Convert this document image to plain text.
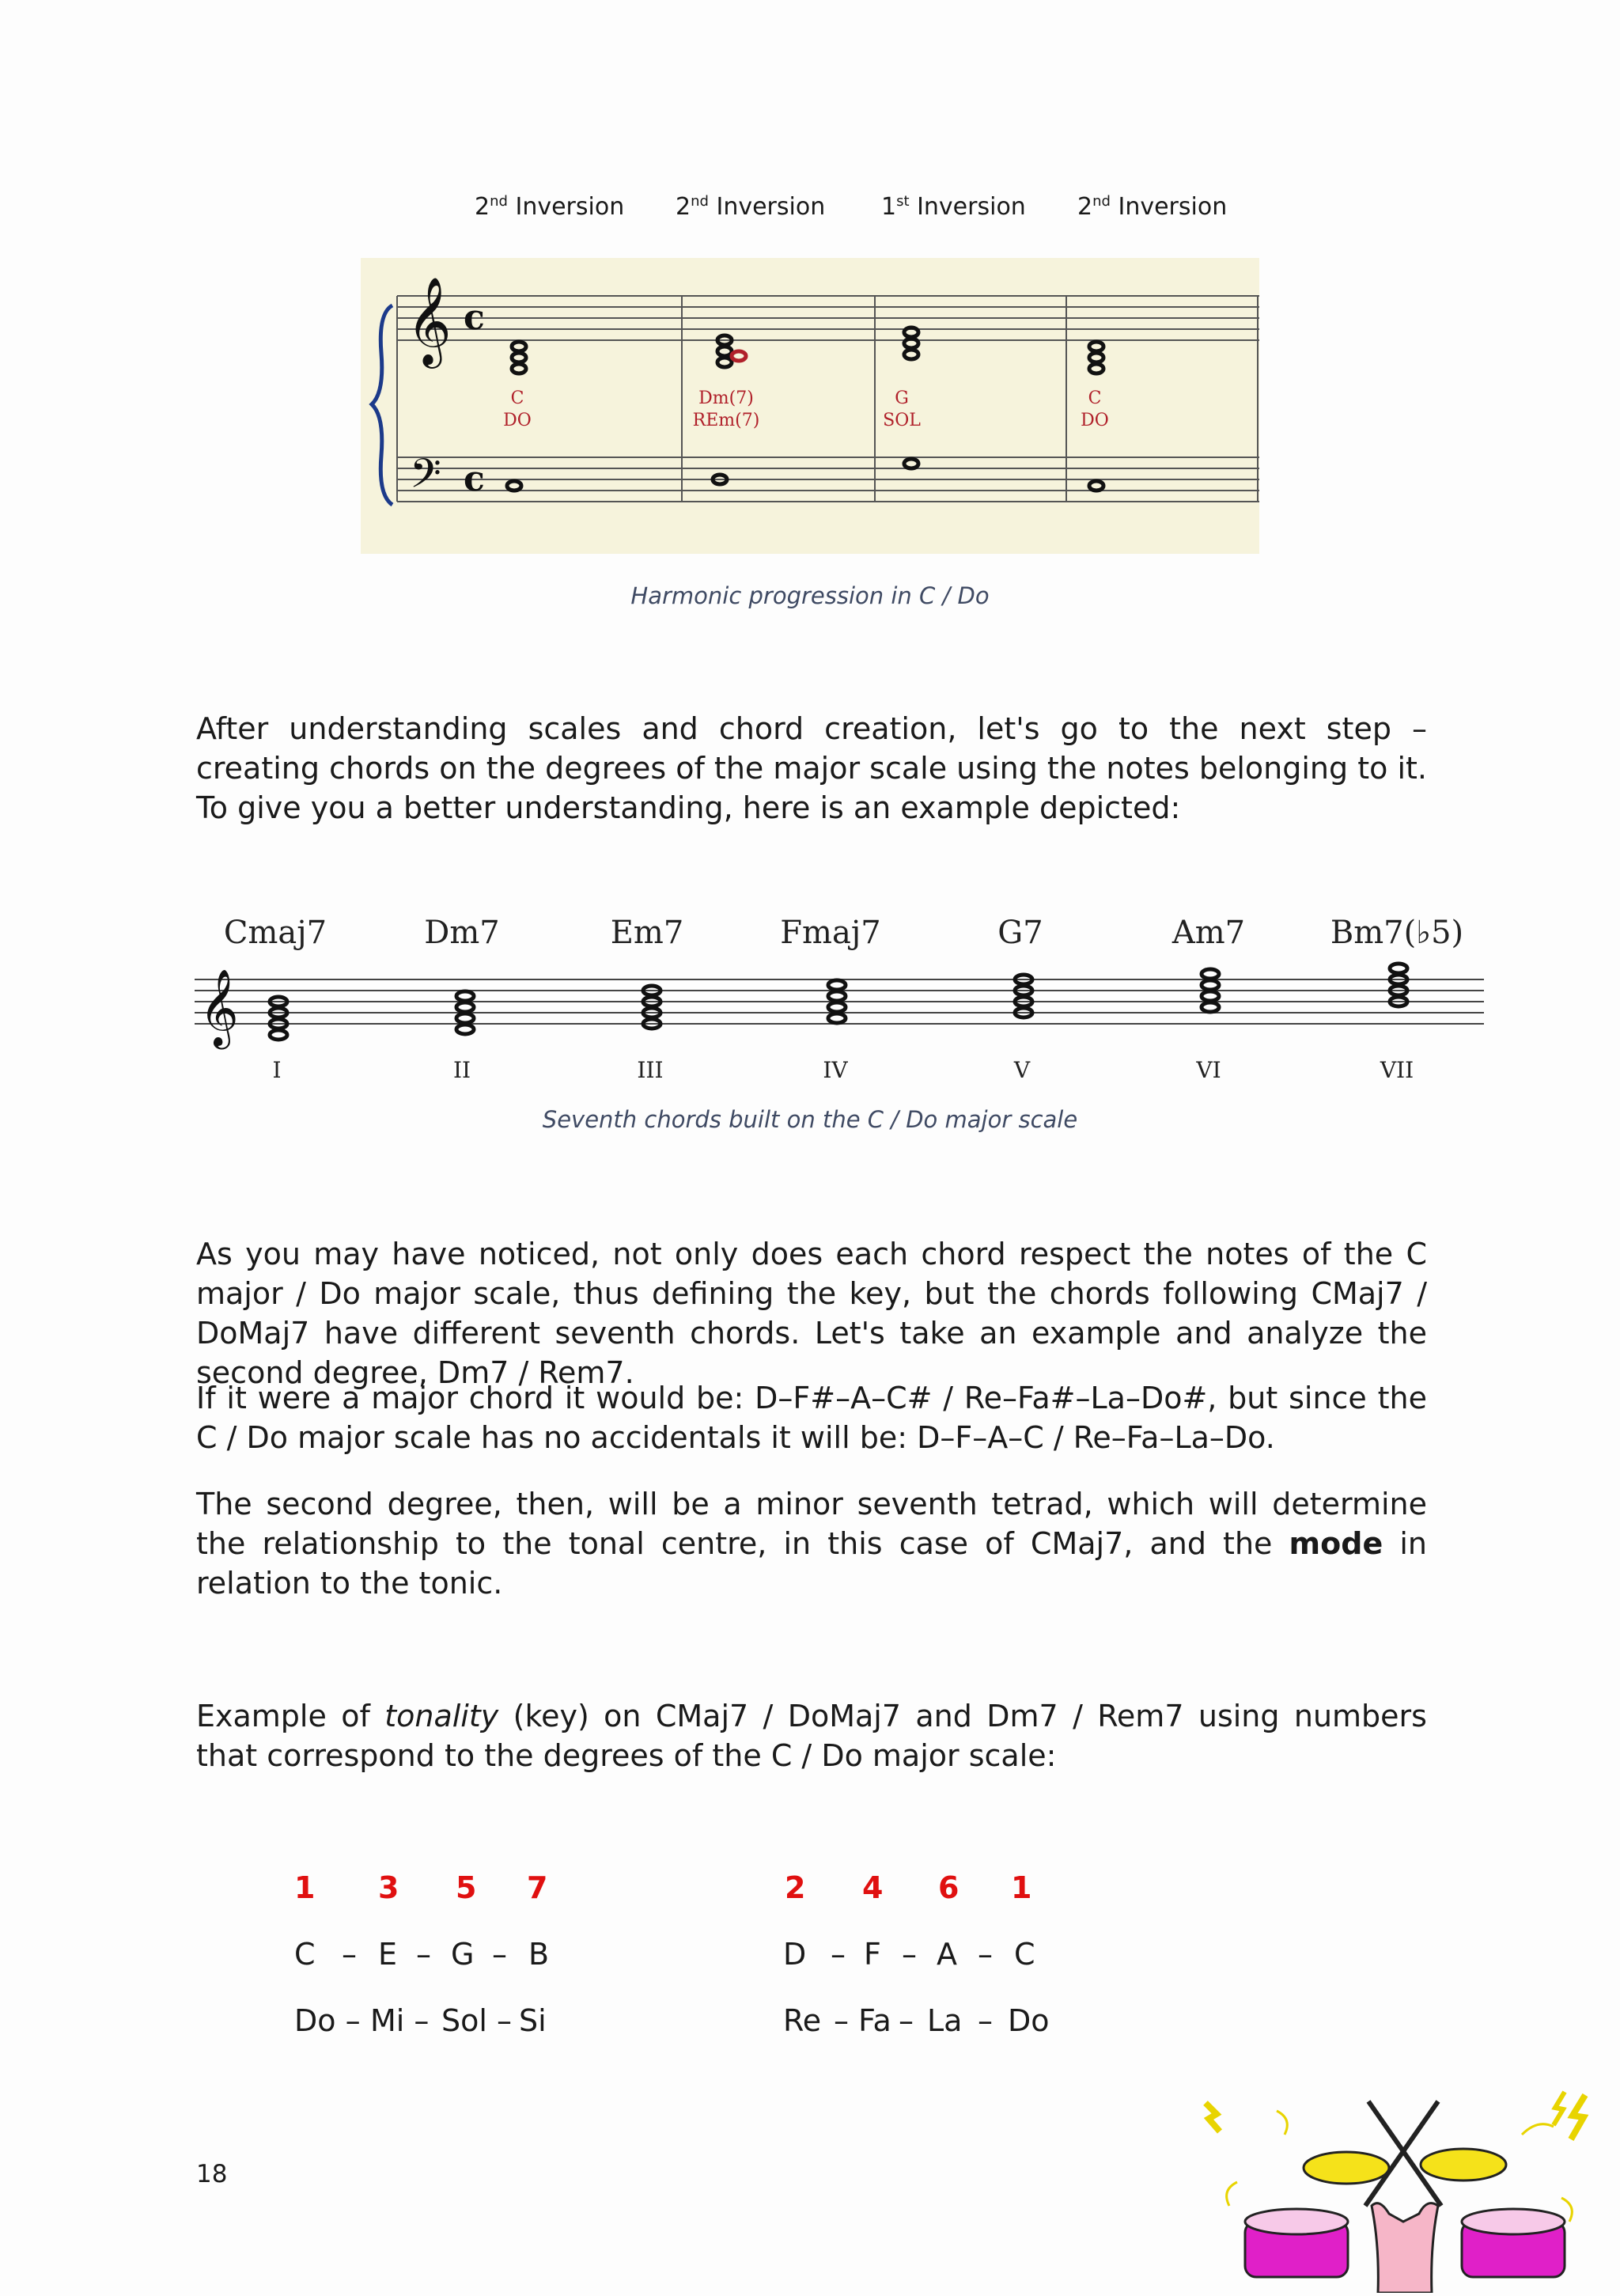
2nd Inversion 2nd Inversion 1st Inversion 2nd Inversion
𝄞
𝄢
c
c
C
DO
Dm(7)
REm(7)
G
SOL
C
DO
Harmonic progression in C / Do
After understanding scales and chord creation, let's go to the next step – creating chords on the degrees of the major scale using the notes belonging to it. To give you a better understanding, here is an example depicted:
𝄞
Cmaj7	Dm7	Em7	Fmaj7	G7	Am7	Bm7(♭5)
I	II	III	IV	V	VI	VII
Seventh chords built on the C / Do major scale
As you may have noticed, not only does each chord respect the notes of the C major / Do major scale, thus defining the key, but the chords following CMaj7 / DoMaj7 have different seventh chords. Let's take an example and analyze the second degree, Dm7 / Rem7.
If it were a major chord it would be: D–F#–A–C# / Re–Fa#–La–Do#, but since the C / Do major scale has no accidentals it will be: D–F–A–C / Re–Fa–La–Do.
The second degree, then, will be a minor seventh tetrad, which will determine the relationship to the tonal centre, in this case of CMaj7, and the mode in relation to the tonic.
Example of tonality (key) on CMaj7 / DoMaj7 and Dm7 / Rem7 using numbers that correspond to the degrees of the C / Do major scale:
1 3 5 7	2 4 6 1
C – E – G – B	D – F – A – C
Do – Mi – Sol – Si	Re – Fa – La – Do
18
